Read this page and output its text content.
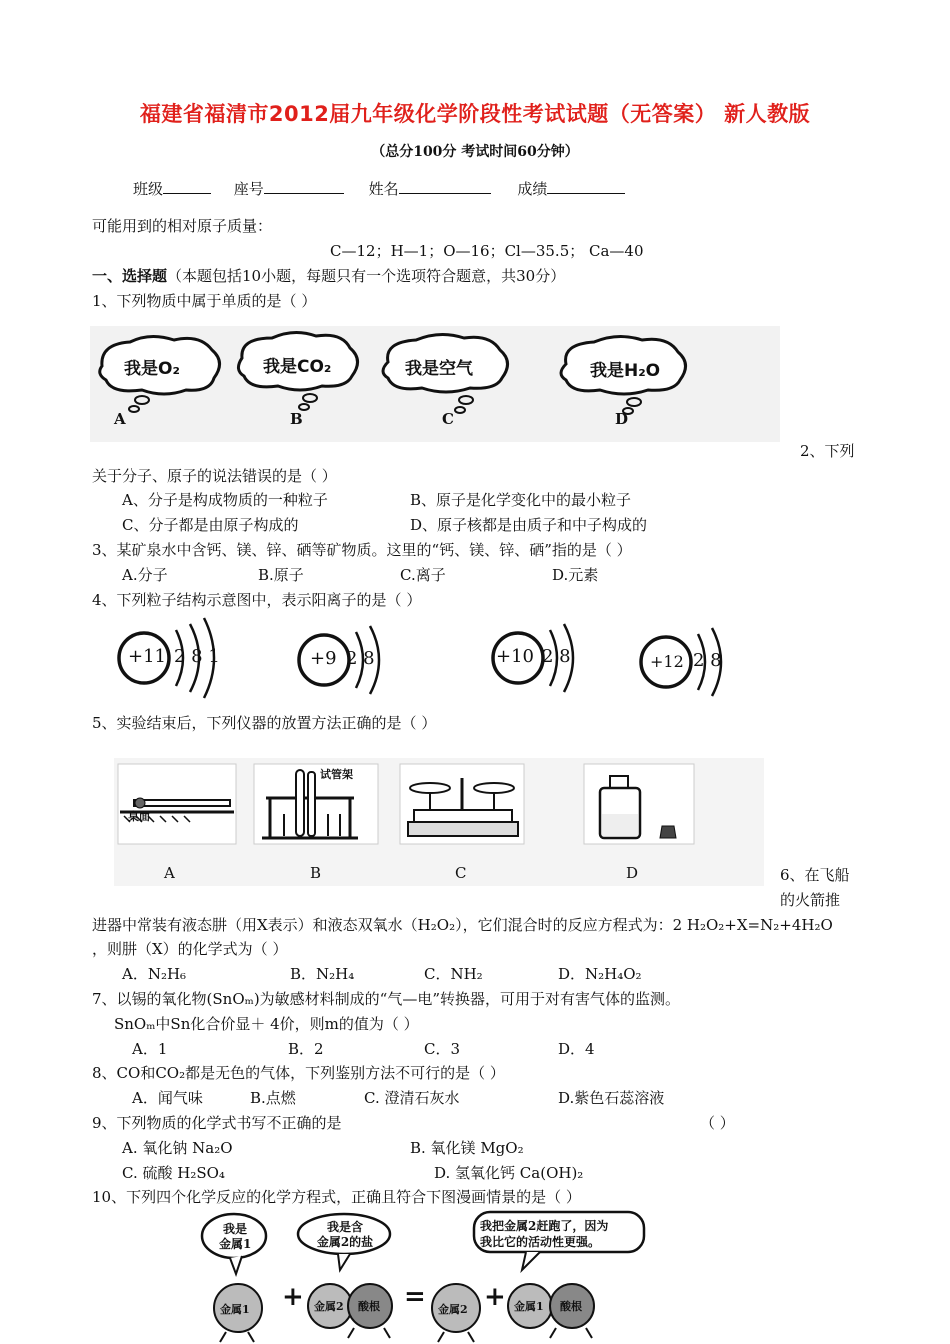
福建省福清市2012届九年级化学阶段性考试试题（无答案） 新人教版
（总分100分 考试时间60分钟）
班级	座号	姓名	成绩
可能用到的相对原子质量：
C—12；H—1；O—16；Cl—35.5； Ca—40
一、选择题（本题包括10小题，每题只有一个选项符合题意，共30分）
1、下列物质中属于单质的是（ ）
我是O₂	我是CO₂	我是空气	我是H₂O
A	B	C	D
2、下列
关于分子、原子的说法错误的是（ ）
A、分子是构成物质的一种粒子	B、原子是化学变化中的最小粒子
C、分子都是由原子构成的	D、原子核都是由质子和中子构成的
3、某矿泉水中含钙、镁、锌、硒等矿物质。这里的“钙、镁、锌、硒”指的是（ ）
A.分子	B.原子	C.离子	D.元素
4、下列粒子结构示意图中，表示阳离子的是（ ）
+11 2 8 1	+9 2 8	+10 2 8	+12 2 8
5、实验结束后，下列仪器的放置方法正确的是（ ）
桌面
试管架
A	B	C	D	6、在飞船
的火箭推
进器中常装有液态肼（用X表示）和液态双氧水（H₂O₂），它们混合时的反应方程式为：2 H₂O₂+X=N₂+4H₂O
，则肼（X）的化学式为（ ）
A．N₂H₆	B．N₂H₄	C．NH₂	D．N₂H₄O₂
7、以锡的氧化物(SnOₘ)为敏感材料制成的“气—电”转换器，可用于对有害气体的监测。
SnOₘ中Sn化合价显＋ 4价，则m的值为（ ）
A．1	B．2	C．3	D．4
8、CO和CO₂都是无色的气体，下列鉴别方法不可行的是（ ）
A．闻气味	B.点燃	C. 澄清石灰水	D.紫色石蕊溶液
9、下列物质的化学式书写不正确的是	（ ）
A. 氧化钠 Na₂O	B. 氧化镁 MgO₂
C. 硫酸 H₂SO₄	D. 氢氧化钙 Ca(OH)₂
10、下列四个化学反应的化学方程式，正确且符合下图漫画情景的是（ ）
我是
金属1
我是含
金属2的盐
我把金属2赶跑了，因为
我比它的活动性更强。
金属1	金属2 酸根	金属2	金属1 酸根
+	= +
